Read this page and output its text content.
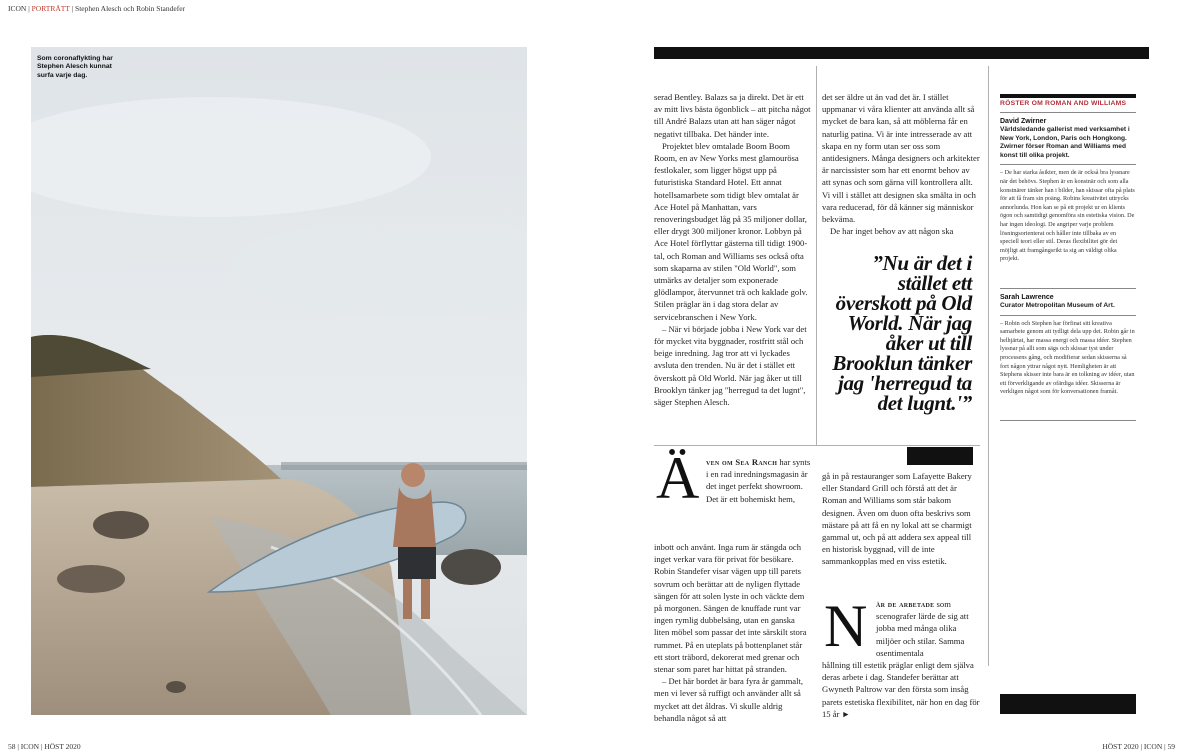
ICON | PORTRÄTT | Stephen Alesch och Robin Standefer
Som coronaflykting har Stephen Alesch kunnat surfa varje dag.

serad Bentley. Balazs sa ja direkt. Det är ett av mitt livs bästa ögonblick – att pitcha något till André Balazs utan att han säger något negativt tillbaka. Det händer inte.

Projektet blev omtalade Boom Boom Room, en av New Yorks mest glamourösa festlokaler, som ligger högst upp på futuristiska Standard Hotel. Ett annat hotellsamarbete som tidigt blev omtalat är Ace Hotel på Manhattan, vars renoveringsbudget låg på 35 miljoner dollar, eller drygt 300 miljoner kronor. Lobbyn på Ace Hotel förflyttar gästerna till tidigt 1900-tal, och Roman and Williams ses också ofta som skaparna av stilen "Old World", som utmärks av detaljer som exponerade glödlampor, återvunnet trä och kaklade golv. Stilen präglar än i dag stora delar av servicebranschen i New York.

– När vi började jobba i New York var det för mycket vita byggnader, rostfritt stål och beige inredning. Jag tror att vi lyckades avsluta den trenden. Nu är det i stället ett överskott på Old World. När jag åker ut till Brooklyn tänker jag "herregud ta det lugnt", säger Stephen Alesch.

det ser äldre ut än vad det är. I stället uppmanar vi våra klienter att använda allt så mycket de bara kan, så att möblerna får en naturlig patina. Vi är inte intresserade av att skapa en ny form utan ser oss som antidesigners. Många designers och arkitekter är narcissister som har ett enormt behov av att synas och som gärna vill kontrollera allt. Vi vill i stället att designen ska smälta in och vara reducerad, för då känner sig människor bekväma.

De har inget behov av att någon ska

”Nu är det i stället ett överskott på Old World. När jag åker ut till Brooklun tänker jag 'herregud ta det lugnt.'”
Ä ven om Sea Ranch har synts i en rad inredningsmagasin är det inget perfekt showroom. Det är ett bohemiskt hem,

inbott och använt. Inga rum är stängda och inget verkar vara för privat för besökare. Robin Standefer visar vägen upp till parets sovrum och berättar att de nyligen flyttade sängen för att solen lyste in och väckte dem på morgonen. Sängen de knuffade runt var ingen rymlig dubbelsäng, utan en ganska liten möbel som passar det inte särskilt stora rummet. På en uteplats på bottenplanet står ett stort träbord, dekorerat med grenar och stenar som paret har hittat på stranden.

– Det här bordet är bara fyra år gammalt, men vi lever så ruffigt och använder allt så mycket att det åldras. Vi skulle aldrig behandla något så att

gå in på restauranger som Lafayette Bakery eller Standard Grill och förstå att det är Roman and Williams som står bakom designen. Även om duon ofta beskrivs som mästare på att få en ny lokal att se charmigt gammal ut, och på att addera sex appeal till en historisk byggnad, vill de inte sammankopplas med en viss estetik.

N är de arbetade som scenografer lärde de sig att jobba med många olika miljöer och stilar. Samma osentimentala

hållning till estetik präglar enligt dem själva deras arbete i dag. Standefer berättar att Gwyneth Paltrow var den första som insåg parets estetiska flexibilitet, när hon en dag för 15 år ►

RÖSTER OM ROMAN AND WILLIAMS
David Zwirner
Världsledande gallerist med verksamhet i New York, London, Paris och Hongkong. Zwirner förser Roman and Williams med konst till olika projekt.
– De har starka åsikter, men de är också bra lyssnare när det behövs. Stephen är en konstnär och som alla konstnärer tänker han i bilder, han skissar ofta på plats för att få fram sin poäng. Robins kreativitet uttrycks annorlunda. Hon kan se på ett projekt ur en klients ögon och samtidigt genomföra sin estetiska vision. De har ingen ideologi. De angriper varje problem lösningsorienterat och håller inte tillbaka av en speciell teori eller stil. Deras flexibilitet gör det möjligt att framgångsrikt ta sig an väldigt olika projekt.
Sarah Lawrence
Curator Metropolitan Museum of Art.
– Robin och Stephen har förfinat sitt kreativa samarbete genom att tydligt dela upp det. Robin går in helhjärtat, har massa energi och massa idéer. Stephen lyssnar på allt som sägs och skissar tyst under processens gång, och modifierar sedan skisserna så fort någon yttrar något nytt. Hemligheten är att Stephens skisser inte bara är en tolkning av idéer, utan ett förverkligande av ofärdiga idéer. Skisserna är verkligen något som för konversationen framåt.
58 | ICON | HÖST 2020	HÖST 2020 | ICON | 59
